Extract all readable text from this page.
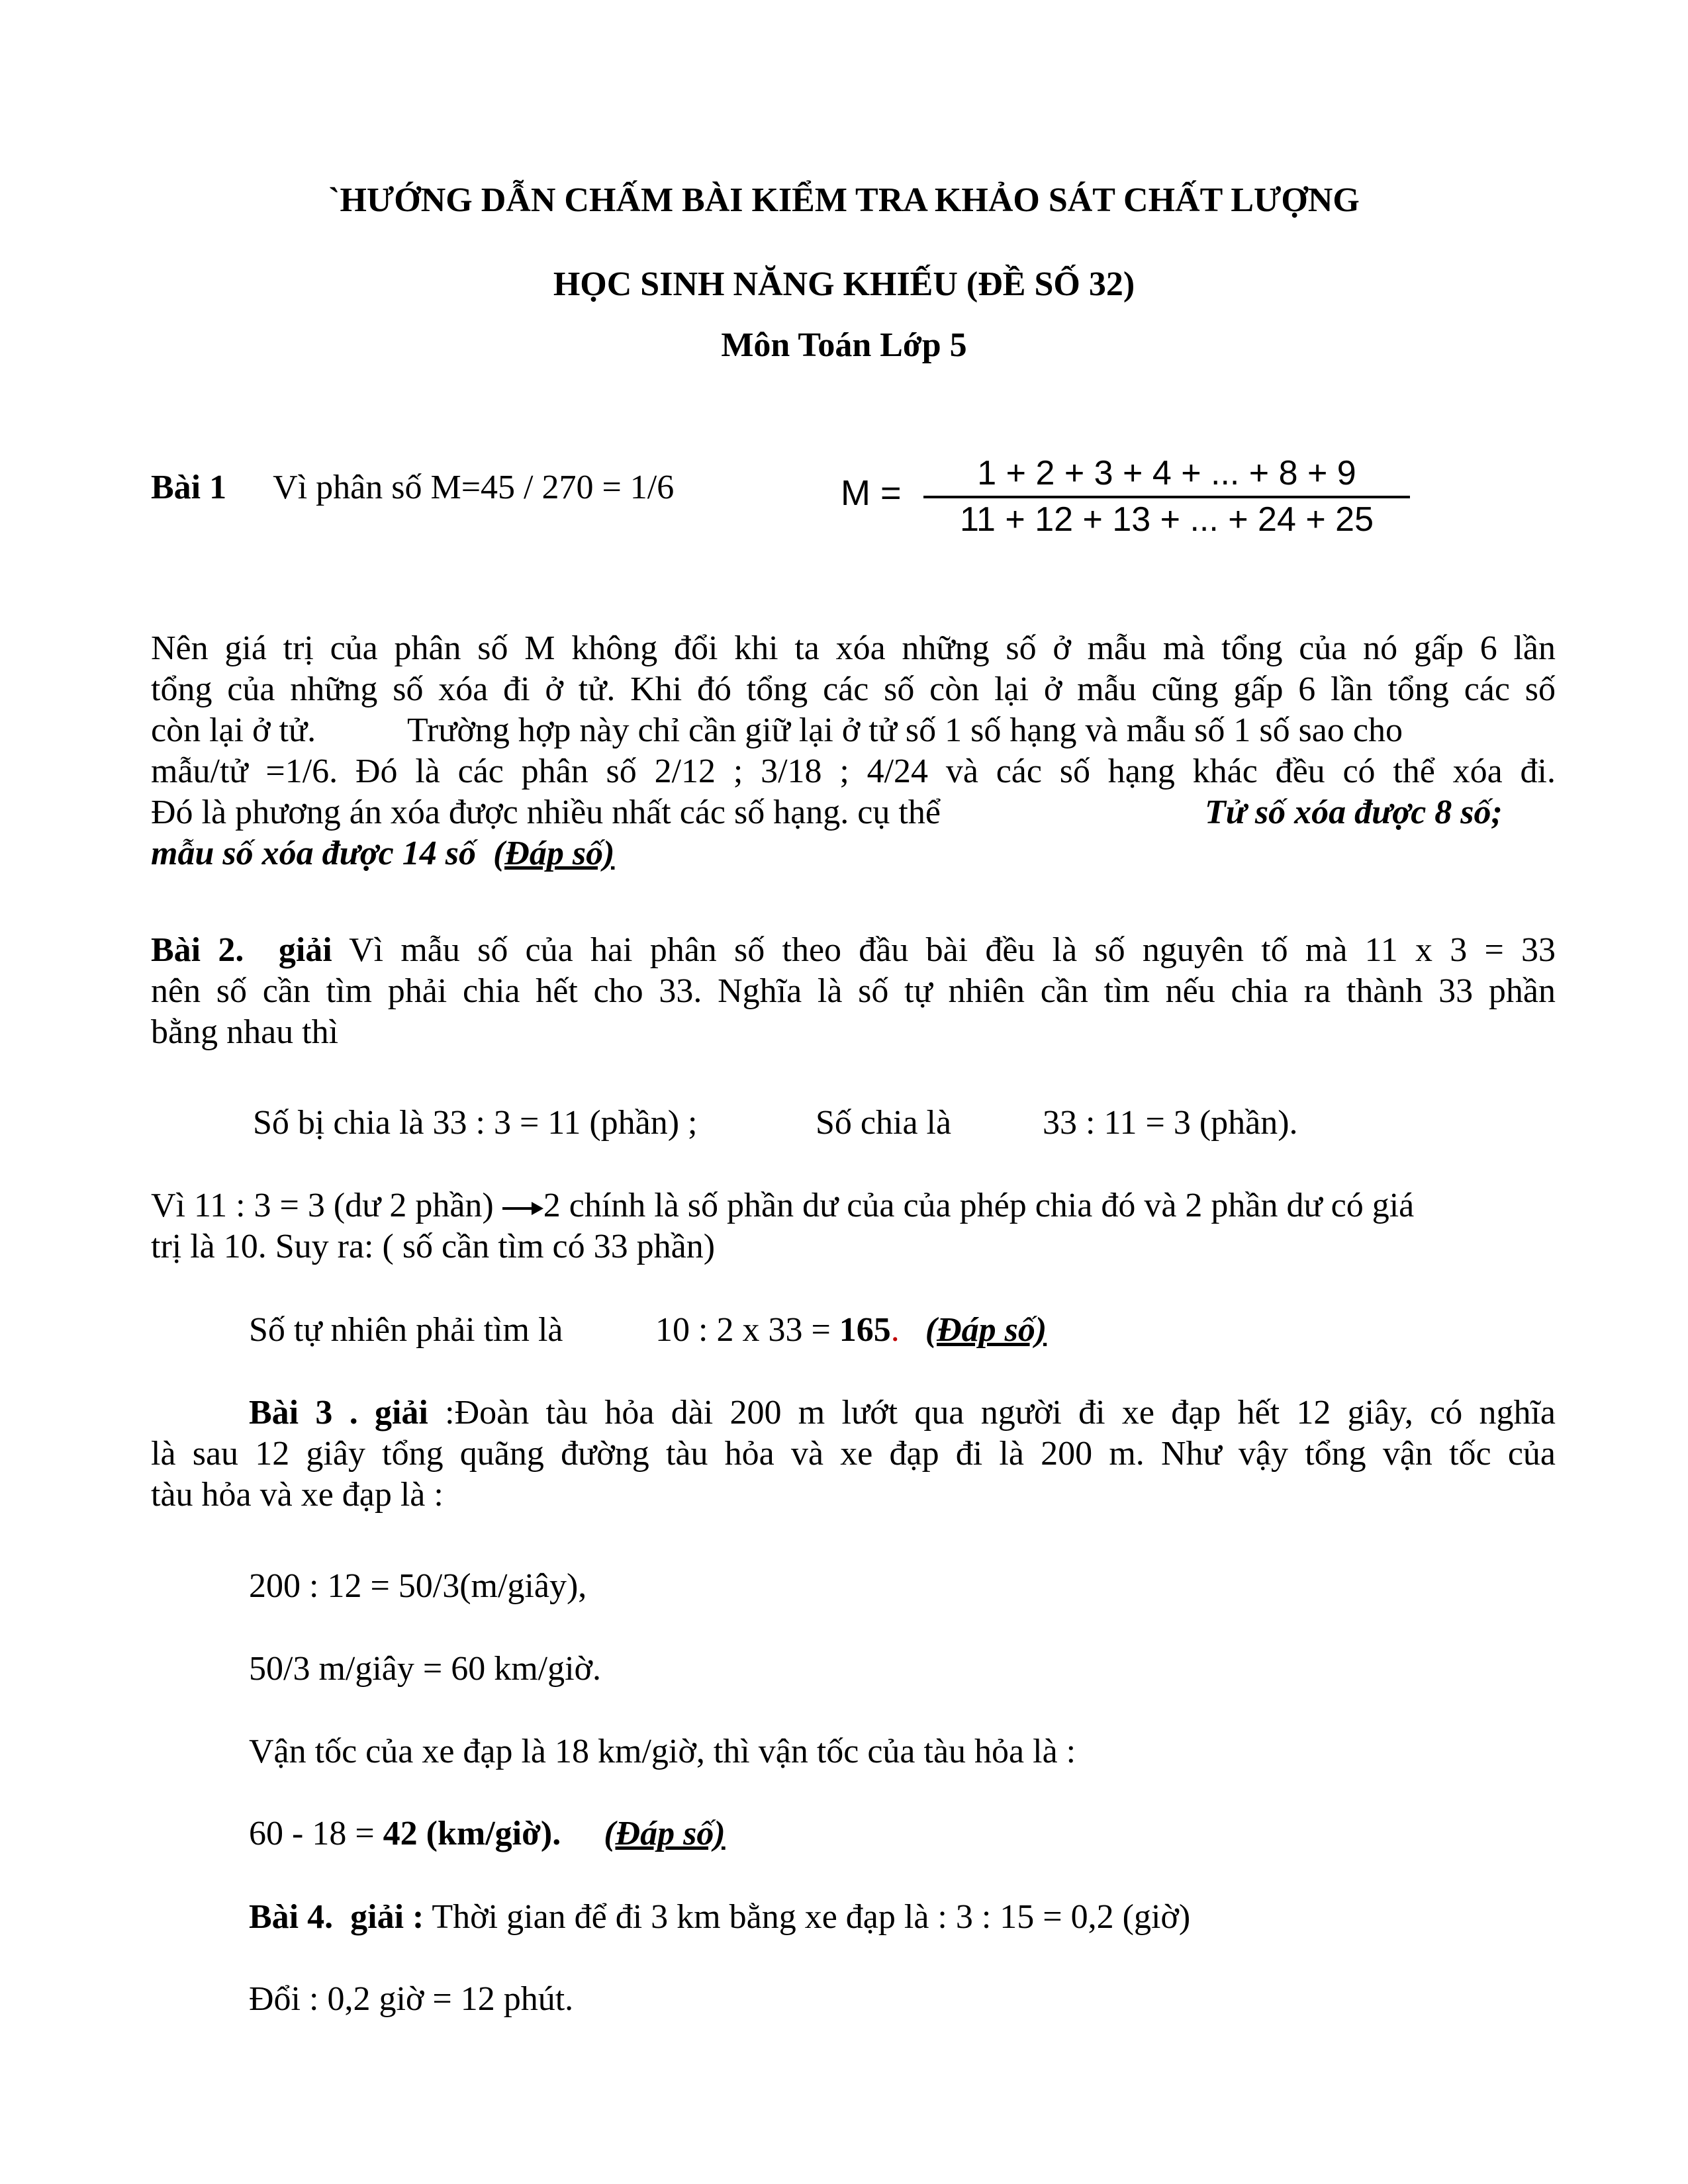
`HƯỚNG DẪN CHẤM BÀI KIỂM TRA KHẢO SÁT CHẤT LƯỢNG
HỌC SINH NĂNG KHIẾU (ĐỀ SỐ 32)
Môn Toán Lớp 5
Bài 1 Vì phân số M=45 / 270 = 1/6	M =	1 + 2 + 3 + 4 + ... + 8 + 9
11 + 12 + 13 + ... + 24 + 25
Nên giá trị của phân số M không đổi khi ta xóa những số ở mẫu mà tổng của nó gấp 6 lần
tổng của những số xóa đi ở tử. Khi đó tổng các số còn lại ở mẫu cũng gấp 6 lần tổng các số
còn lại ở tử.	Trường hợp này chỉ cần giữ lại ở tử số 1 số hạng và mẫu số 1 số sao cho
mẫu/tử =1/6. Đó là các phân số 2/12 ; 3/18 ; 4/24 và các số hạng khác đều có thể xóa đi.
Đó là phương án xóa được nhiều nhất các số hạng. cụ thể	Tử số xóa được 8 số;
mẫu số xóa được 14 số (Đáp số)
Bài 2. giải Vì mẫu số của hai phân số theo đầu bài đều là số nguyên tố mà 11 x 3 = 33
nên số cần tìm phải chia hết cho 33. Nghĩa là số tự nhiên cần tìm nếu chia ra thành 33 phần
bằng nhau thì
Số bị chia là 33 : 3 = 11 (phần) ;	Số chia là	33 : 11 = 3 (phần).
Vì 11 : 3 = 3 (dư 2 phần) 2 chính là số phần dư của của phép chia đó và 2 phần dư có giá
trị là 10. Suy ra: ( số cần tìm có 33 phần)
Số tự nhiên phải tìm là	10 : 2 x 33 = 165. (Đáp số)
Bài 3 . giải :Đoàn tàu hỏa dài 200 m lướt qua người đi xe đạp hết 12 giây, có nghĩa
là sau 12 giây tổng quãng đường tàu hỏa và xe đạp đi là 200 m. Như vậy tổng vận tốc của
tàu hỏa và xe đạp là :
200 : 12 = 50/3(m/giây),
50/3 m/giây = 60 km/giờ.
Vận tốc của xe đạp là 18 km/giờ, thì vận tốc của tàu hỏa là :
60 - 18 = 42 (km/giờ). (Đáp số)
Bài 4. giải : Thời gian để đi 3 km bằng xe đạp là : 3 : 15 = 0,2 (giờ)
Đổi : 0,2 giờ = 12 phút.
